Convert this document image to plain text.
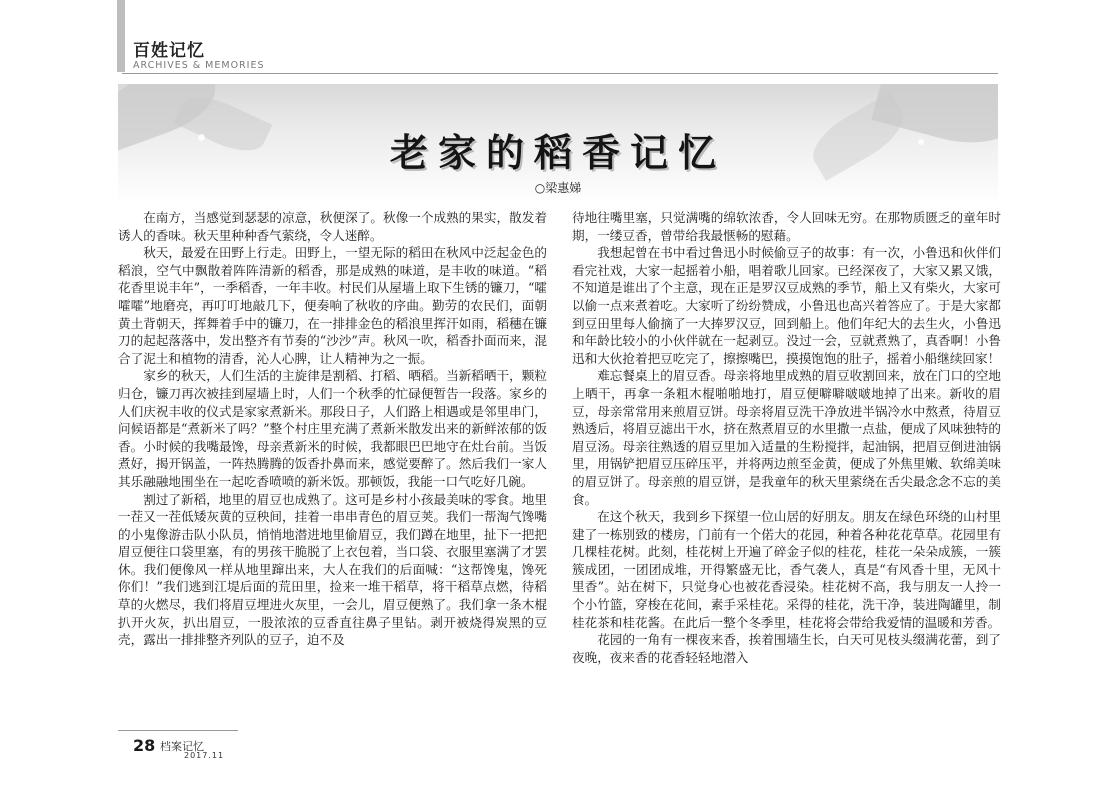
百姓记忆
ARCHIVES & MEMORIES
老家的稻香记忆
○梁惠娣

在南方，当感觉到瑟瑟的凉意，秋便深了。秋像一个成熟的果实，散发着诱人的香味。秋天里种种香气萦绕，令人迷醉。

秋天，最爱在田野上行走。田野上，一望无际的稻田在秋风中泛起金色的稻浪，空气中飘散着阵阵清新的稻香，那是成熟的味道，是丰收的味道。“稻花香里说丰年”，一季稻香，一年丰收。村民们从屋墙上取下生锈的镰刀，“嚯嚯嚯”地磨亮，再叮叮地敲几下，便奏响了秋收的序曲。勤劳的农民们，面朝黄土背朝天，挥舞着手中的镰刀，在一排排金色的稻浪里挥汗如雨，稻穗在镰刀的起起落落中，发出整齐有节奏的“沙沙”声。秋风一吹，稻香扑面而来，混合了泥土和植物的清香，沁人心脾，让人精神为之一振。

家乡的秋天，人们生活的主旋律是割稻、打稻、晒稻。当新稻晒干，颗粒归仓，镰刀再次被挂到屋墙上时，人们一个秋季的忙碌便暂告一段落。家乡的人们庆祝丰收的仪式是家家煮新米。那段日子，人们路上相遇或是邻里串门，问候语都是“煮新米了吗？”整个村庄里充满了煮新米散发出来的新鲜浓郁的饭香。小时候的我嘴最馋，母亲煮新米的时候，我都眼巴巴地守在灶台前。当饭煮好，揭开锅盖，一阵热腾腾的饭香扑鼻而来，感觉要醉了。然后我们一家人其乐融融地围坐在一起吃香喷喷的新米饭。那顿饭，我能一口气吃好几碗。

割过了新稻，地里的眉豆也成熟了。这可是乡村小孩最美味的零食。地里一茬又一茬低矮灰黄的豆秧间，挂着一串串青色的眉豆荚。我们一帮淘气馋嘴的小鬼像游击队小队员，悄悄地潜进地里偷眉豆，我们蹲在地里，扯下一把把眉豆便往口袋里塞，有的男孩干脆脱了上衣包着，当口袋、衣服里塞满了才罢休。我们便像风一样从地里蹿出来，大人在我们的后面喊：“这帮馋鬼，馋死你们！”我们逃到江堤后面的荒田里，捡来一堆干稻草，将干稻草点燃，待稻草的火燃尽，我们将眉豆埋进火灰里，一会儿，眉豆便熟了。我们拿一条木棍扒开火灰，扒出眉豆，一股浓浓的豆香直往鼻子里钻。剥开被烧得炭黑的豆壳，露出一排排整齐列队的豆子，迫不及

待地往嘴里塞，只觉满嘴的绵软浓香，令人回味无穷。在那物质匮乏的童年时期，一缕豆香，曾带给我最惬畅的慰藉。

我想起曾在书中看过鲁迅小时候偷豆子的故事：有一次，小鲁迅和伙伴们看完社戏，大家一起摇着小船，唱着歌儿回家。已经深夜了，大家又累又饿，不知道是谁出了个主意，现在正是罗汉豆成熟的季节，船上又有柴火，大家可以偷一点来煮着吃。大家听了纷纷赞成，小鲁迅也高兴着答应了。于是大家都到豆田里每人偷摘了一大捧罗汉豆，回到船上。他们年纪大的去生火，小鲁迅和年龄比较小的小伙伴就在一起剥豆。没过一会，豆就煮熟了，真香啊！小鲁迅和大伙抢着把豆吃完了，擦擦嘴巴，摸摸饱饱的肚子，摇着小船继续回家！

难忘餐桌上的眉豆香。母亲将地里成熟的眉豆收割回来，放在门口的空地上晒干，再拿一条粗木棍啪啪地打，眉豆便噼噼啵啵地掉了出来。新收的眉豆，母亲常常用来煎眉豆饼。母亲将眉豆洗干净放进半锅冷水中熬煮，待眉豆熟透后，将眉豆滤出干水，挤在熬煮眉豆的水里撒一点盐，便成了风味独特的眉豆汤。母亲往熟透的眉豆里加入适量的生粉搅拌，起油锅，把眉豆倒进油锅里，用锅铲把眉豆压碎压平，并将两边煎至金黄，便成了外焦里嫩、软绵美味的眉豆饼了。母亲煎的眉豆饼，是我童年的秋天里萦绕在舌尖最念念不忘的美食。

在这个秋天，我到乡下探望一位山居的好朋友。朋友在绿色环绕的山村里建了一栋别致的楼房，门前有一个偌大的花园，种着各种花花草草。花园里有几棵桂花树。此刻，桂花树上开遍了碎金子似的桂花，桂花一朵朵成簇，一簇簇成团，一团团成堆，开得繁盛无比，香气袭人，真是“有风香十里，无风十里香”。站在树下，只觉身心也被花香浸染。桂花树不高，我与朋友一人拎一个小竹篮，穿梭在花间，素手采桂花。采得的桂花，洗干净，装进陶罐里，制桂花茶和桂花酱。在此后一整个冬季里，桂花将会带给我爱情的温暖和芳香。

花园的一角有一棵夜来香，挨着围墙生长，白天可见枝头缀满花蕾，到了夜晚，夜来香的花香轻轻地潜入

28 档案记忆
2017.11
